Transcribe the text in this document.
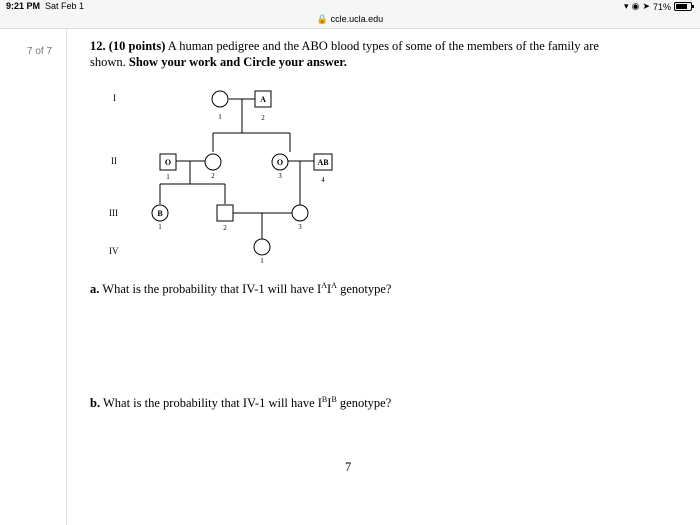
9:21 PM Sat Feb 1	▾ ◉ ➤ 71%
🔒 ccle.ucla.edu
7 of 7	12. (10 points) A human pedigree and the ABO blood types of some of the members of the family are shown. Show your work and Circle your answer.
I
II
III
IV
A
O	O	AB
B
1	2
1	2	3	4
1	2	3
1
a. What is the probability that IV-1 will have $I^AI^A$ genotype?
b. What is the probability that IV-1 will have $I^BI^B$ genotype?
7
